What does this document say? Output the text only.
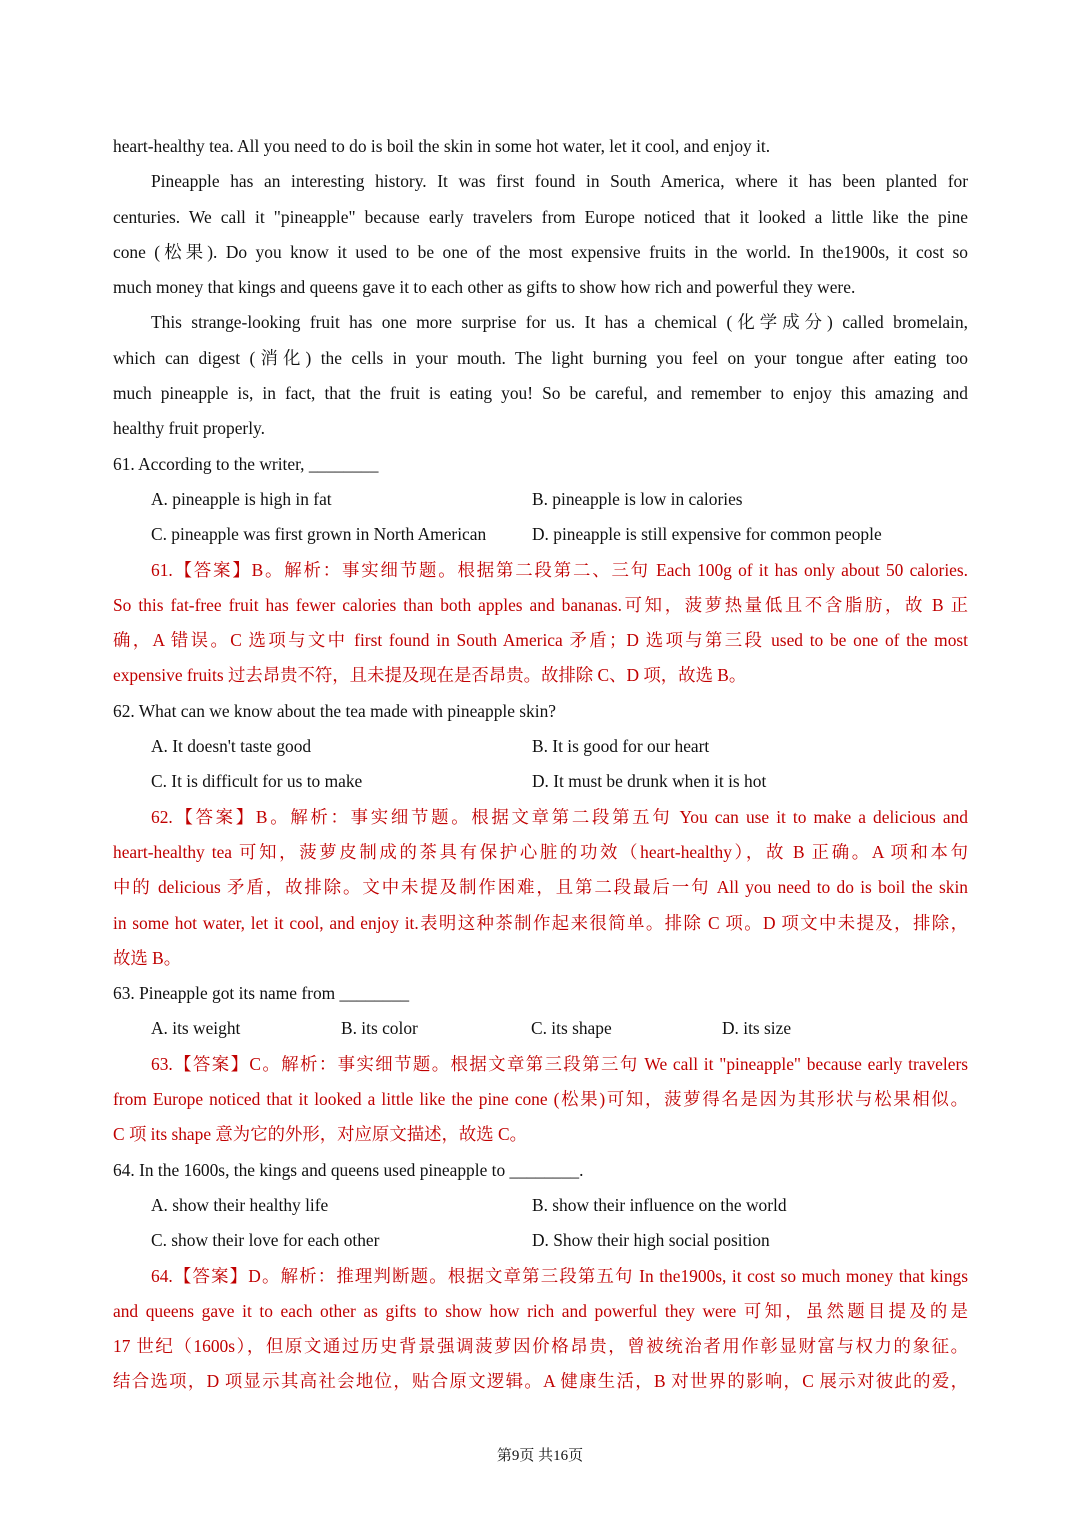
heart-healthy tea. All you need to do is boil the skin in some hot water, let it cool, and enjoy it.
Pineapple has an interesting history. It was first found in South America, where it has been planted for
centuries. We call it "pineapple" because early travelers from Europe noticed that it looked a little like the pine
cone (松果). Do you know it used to be one of the most expensive fruits in the world. In the1900s, it cost so
much money that kings and queens gave it to each other as gifts to show how rich and powerful they were.
This strange-looking fruit has one more surprise for us. It has a chemical (化学成分) called bromelain,
which can digest (消化) the cells in your mouth. The light burning you feel on your tongue after eating too
much pineapple is, in fact, that the fruit is eating you! So be careful, and remember to enjoy this amazing and
healthy fruit properly.
61. According to the writer, ________
A. pineapple is high in fat	B. pineapple is low in calories
C. pineapple was first grown in North American	D. pineapple is still expensive for common people
61.【答案】B。解析：事实细节题。根据第二段第二、三句 Each 100g of it has only about 50 calories.
So this fat-free fruit has fewer calories than both apples and bananas.可知，菠萝热量低且不含脂肪，故 B 正
确，A 错误。C 选项与文中 first found in South America 矛盾；D 选项与第三段 used to be one of the most
expensive fruits 过去昂贵不符，且未提及现在是否昂贵。故排除 C、D 项，故选 B。
62. What can we know about the tea made with pineapple skin?
A. It doesn't taste good	B. It is good for our heart
C. It is difficult for us to make	D. It must be drunk when it is hot
62.【答案】B。解析：事实细节题。根据文章第二段第五句 You can use it to make a delicious and
heart-healthy tea 可知，菠萝皮制成的茶具有保护心脏的功效（heart-healthy），故 B 正确。A 项和本句
中的 delicious 矛盾，故排除。文中未提及制作困难，且第二段最后一句 All you need to do is boil the skin
in some hot water, let it cool, and enjoy it.表明这种茶制作起来很简单。排除 C 项。D 项文中未提及，排除，
故选 B。
63. Pineapple got its name from ________
A. its weight	B. its color	C. its shape	D. its size
63.【答案】C。解析：事实细节题。根据文章第三段第三句 We call it "pineapple" because early travelers
from Europe noticed that it looked a little like the pine cone (松果)可知，菠萝得名是因为其形状与松果相似。
C 项 its shape 意为它的外形，对应原文描述，故选 C。
64. In the 1600s, the kings and queens used pineapple to ________.
A. show their healthy life	B. show their influence on the world
C. show their love for each other	D. Show their high social position
64.【答案】D。解析：推理判断题。根据文章第三段第五句 In the1900s, it cost so much money that kings
and queens gave it to each other as gifts to show how rich and powerful they were 可知，虽然题目提及的是
17 世纪（1600s），但原文通过历史背景强调菠萝因价格昂贵，曾被统治者用作彰显财富与权力的象征。
结合选项，D 项显示其高社会地位，贴合原文逻辑。A 健康生活，B 对世界的影响，C 展示对彼此的爱，
第9页 共16页
